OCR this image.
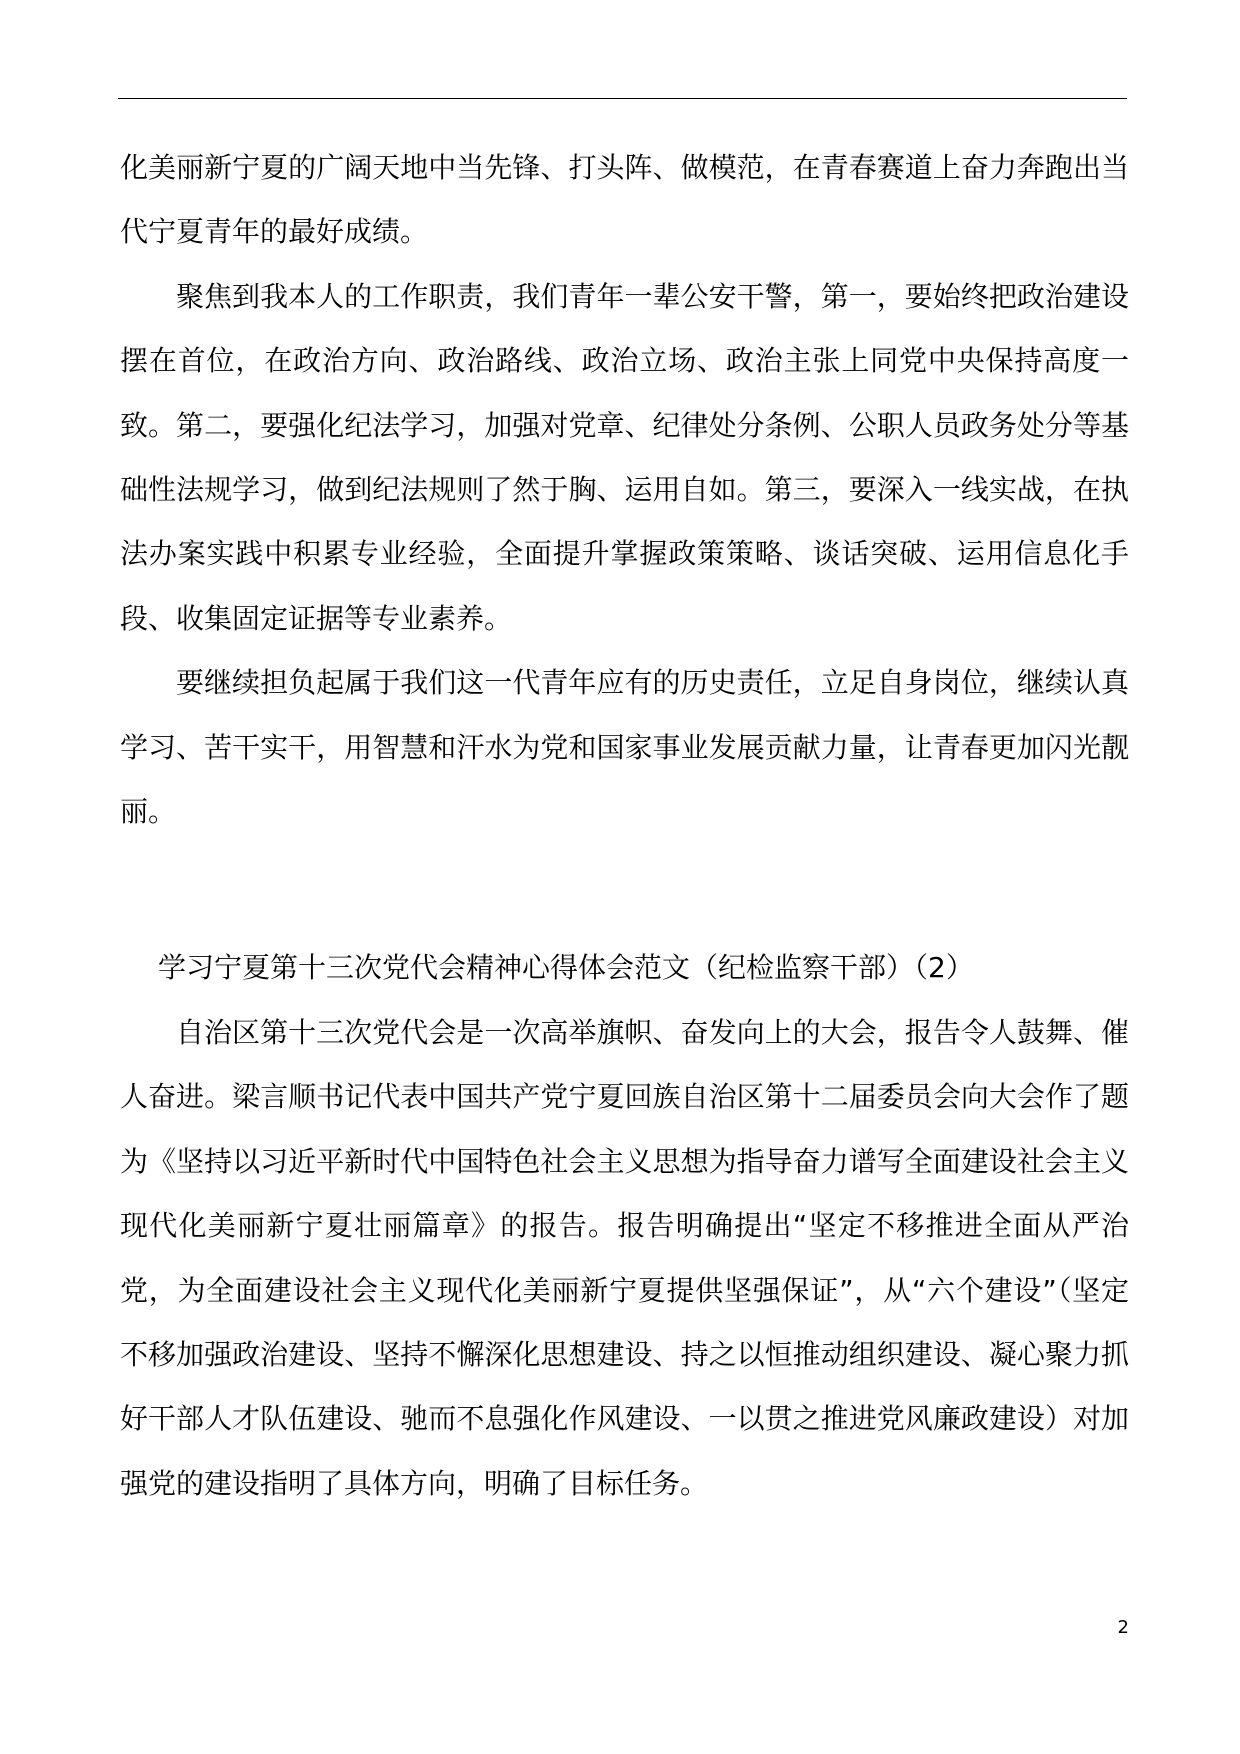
化美丽新宁夏的广阔天地中当先锋、打头阵、做模范，在青春赛道上奋力奔跑出当代宁夏青年的最好成绩。

聚焦到我本人的工作职责，我们青年一辈公安干警，第一，要始终把政治建设摆在首位，在政治方向、政治路线、政治立场、政治主张上同党中央保持高度一致。第二，要强化纪法学习，加强对党章、纪律处分条例、公职人员政务处分等基础性法规学习，做到纪法规则了然于胸、运用自如。第三，要深入一线实战，在执法办案实践中积累专业经验，全面提升掌握政策策略、谈话突破、运用信息化手段、收集固定证据等专业素养。

要继续担负起属于我们这一代青年应有的历史责任，立足自身岗位，继续认真学习、苦干实干，用智慧和汗水为党和国家事业发展贡献力量，让青春更加闪光靓丽。

学习宁夏第十三次党代会精神心得体会范文（纪检监察干部）（2）

自治区第十三次党代会是一次高举旗帜、奋发向上的大会，报告令人鼓舞、催人奋进。梁言顺书记代表中国共产党宁夏回族自治区第十二届委员会向大会作了题为《坚持以习近平新时代中国特色社会主义思想为指导奋力谱写全面建设社会主义现代化美丽新宁夏壮丽篇章》的报告。报告明确提出“坚定不移推进全面从严治党，为全面建设社会主义现代化美丽新宁夏提供坚强保证”，从“六个建设”（坚定不移加强政治建设、坚持不懈深化思想建设、持之以恒推动组织建设、凝心聚力抓好干部人才队伍建设、驰而不息强化作风建设、一以贯之推进党风廉政建设）对加强党的建设指明了具体方向，明确了目标任务。

2
